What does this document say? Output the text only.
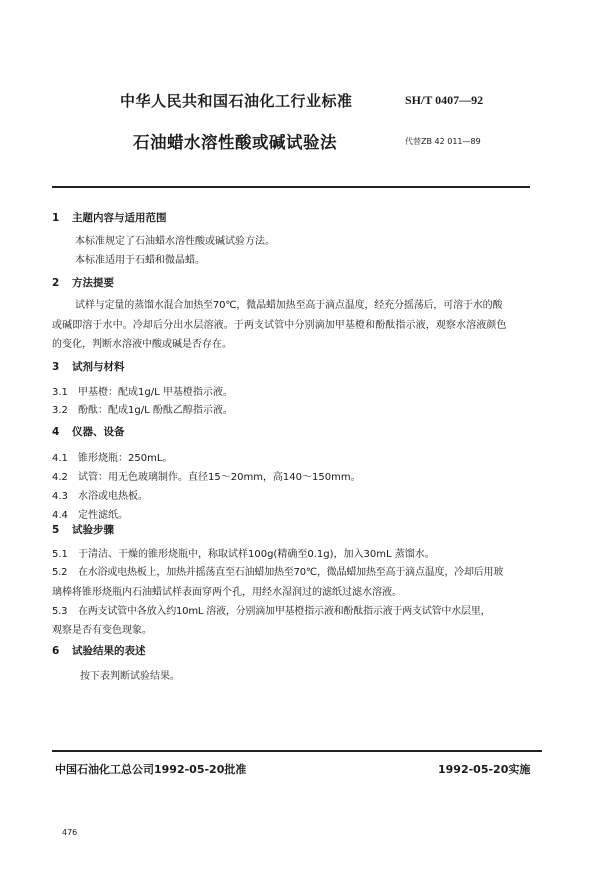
中华人民共和国石油化工行业标准	SH/T 0407—92
石油蜡水溶性酸或碱试验法	代替ZB 42 011—89
1 主题内容与适用范围
本标准规定了石油蜡水溶性酸或碱试验方法。
本标准适用于石蜡和微晶蜡。
2 方法提要
试样与定量的蒸馏水混合加热至70℃，微晶蜡加热至高于滴点温度，经充分摇荡后，可溶于水的酸
或碱即溶于水中。冷却后分出水层溶液。于两支试管中分别滴加甲基橙和酚酞指示液，观察水溶液颜色
的变化，判断水溶液中酸或碱是否存在。
3 试剂与材料
3.1 甲基橙：配成1g/L 甲基橙指示液。
3.2 酚酞：配成1g/L 酚酞乙醇指示液。
4 仪器、设备
4.1 锥形烧瓶：250mL。
4.2 试管：用无色玻璃制作。直径15～20mm，高140～150mm。
4.3 水浴或电热板。
4.4 定性滤纸。
5 试验步骤
5.1 于清洁、干燥的锥形烧瓶中，称取试样100g(精确至0.1g)，加入30mL 蒸馏水。
5.2 在水浴或电热板上，加热并摇荡直至石油蜡加热至70℃，微晶蜡加热至高于滴点温度，冷却后用玻
璃棒将锥形烧瓶内石油蜡试样表面穿两个孔，用经水湿润过的滤纸过滤水溶液。
5.3 在两支试管中各放入约10mL 溶液，分别滴加甲基橙指示液和酚酞指示液于两支试管中水层里，
观察是否有变色现象。
6 试验结果的表述
按下表判断试验结果。
中国石油化工总公司1992-05-20批准	1992-05-20实施
476
